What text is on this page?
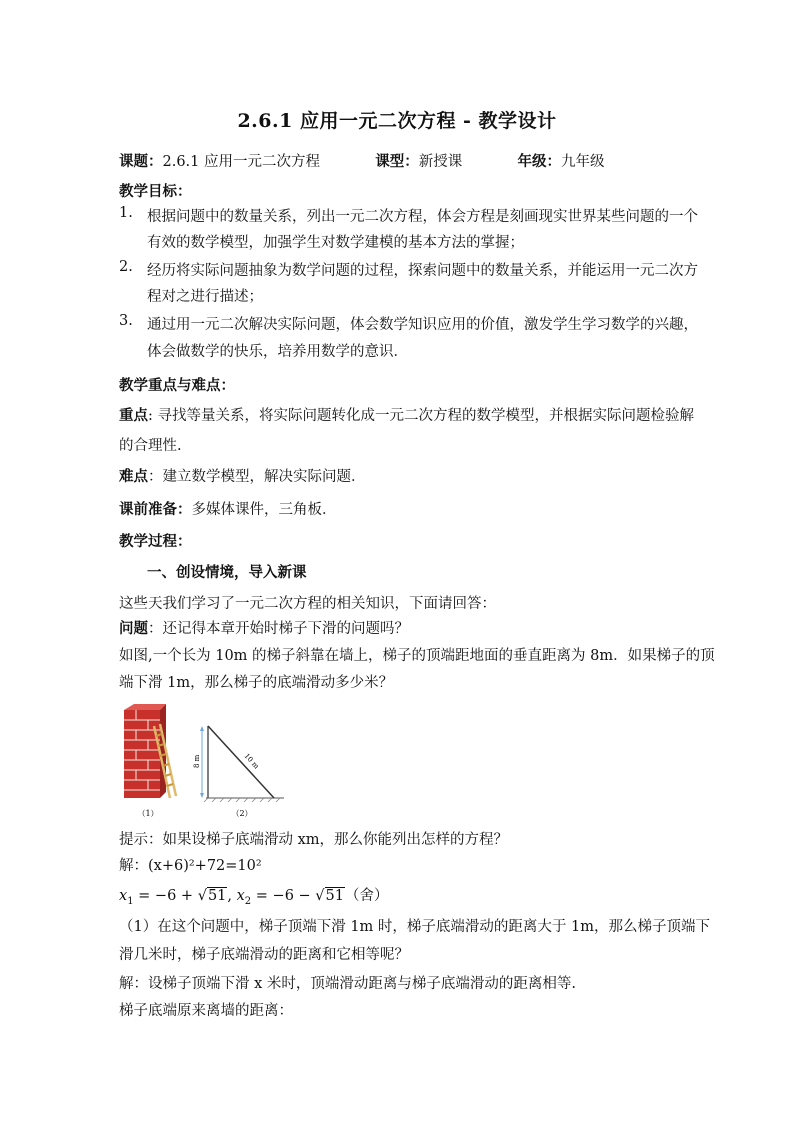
2.6.1 应用一元二次方程 - 教学设计
课题：2.6.1 应用一元二次方程	课型：新授课	年级：九年级
教学目标：
1. 根据问题中的数量关系，列出一元二次方程，体会方程是刻画现实世界某些问题的一个
有效的数学模型，加强学生对数学建模的基本方法的掌握；
2. 经历将实际问题抽象为数学问题的过程，探索问题中的数量关系，并能运用一元二次方
程对之进行描述；
3. 通过用一元二次解决实际问题，体会数学知识应用的价值，激发学生学习数学的兴趣，
体会做数学的快乐，培养用数学的意识．
教学重点与难点：
重点: 寻找等量关系，将实际问题转化成一元二次方程的数学模型，并根据实际问题检验解
的合理性.
难点：建立数学模型，解决实际问题．
课前准备：多媒体课件，三角板．
教学过程：
一、创设情境，导入新课
这些天我们学习了一元二次方程的相关知识，下面请回答：
问题：还记得本章开始时梯子下滑的问题吗？
如图,一个长为 10m 的梯子斜靠在墙上，梯子的顶端距地面的垂直距离为 8m．如果梯子的顶
端下滑 1m，那么梯子的底端滑动多少米？
（1）
8 m	10 m
（2）
提示：如果设梯子底端滑动 xm，那么你能列出怎样的方程？
解：(x+6)²+72=10²
$x_1 = -6 + √51$, $x_2 = -6 - √51$（舍）
（1）在这个问题中，梯子顶端下滑 1m 时，梯子底端滑动的距离大于 1m，那么梯子顶端下
滑几米时，梯子底端滑动的距离和它相等呢？
解：设梯子顶端下滑 x 米时，顶端滑动距离与梯子底端滑动的距离相等.
梯子底端原来离墙的距离：
